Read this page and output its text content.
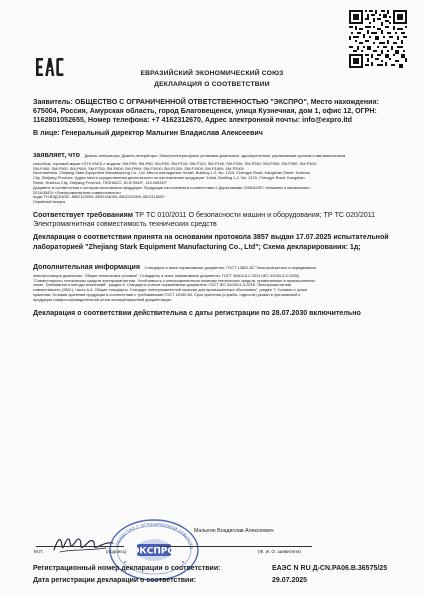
ЕВРАЗИЙСКИЙ ЭКОНОМИЧЕСКИЙ СОЮЗ
ДЕКЛАРАЦИЯ О СООТВЕТСТВИИ

Заявитель: ОБЩЕСТВО С ОГРАНИЧЕННОЙ ОТВЕТСТВЕННОСТЬЮ "ЭКСПРО", Место нахождения: 675004, Россия, Амурская область, город Благовещенск, улица Кузнечная, дом 1, офис 12, ОГРН: 1162801052655, Номер телефона: +7 4162312670, Адрес электронной почты: info@expro.ltd

В лице: Генеральный директор Малыгин Владислав Алексеевич

заявляет, что Дизель-генераторы, Дизель-генераторы: Электрогенераторные установки дизельные, одноагрегатные, управляемые ручным и автоматическим
способом, торговой марки «STK EMOL» модели: SM-P50; SM-P60; SM-P80; SM-P100; SM-P120; SM-P150; SM-P200; SM-P250; SM-P300; SM-P350; SM-P400;
SM-P450; SM-P500; SM-P600; SM-P700; SM-P800; SM-P900; SM-P1000; SM-P1200; SM-P1500; SM-P1800; SM-P2000
Изготовитель: Zhejiang Stark Equipment Manufacturing Co., Ltd. Место нахождения: Китай, Building 1-2, No. 1219, Chengye Road, Kangshan Street, Huizhou
City, Zhejiang Province. Адрес места осуществления деятельности по изготовлению продукции: Xuhai, Building 1-2, No. 1219, Chengye Road, Kangshan
Street, Huizhou City, Zhejiang Province, ГЛОНАСС: 30.574549°, 119.949319°
Документ, в соответствии с которым изготовлена продукция: Продукция изготовлена в соответствии с Директивами 2006/42/ЕС «Машины и механизмы»,
2014/30/ЕU «Электромагнитная совместимость»
Коды ТН ВЭД ЕАЭС: 8502120000; 8502134000; 8502120000; 8502118000
Серийный выпуск

Соответствует требованиям ТР ТС 010/2011 О безопасности машин и оборудования; ТР ТС 020/2011 Электромагнитная совместимость технических средств

Декларация о соответствии принята на основании протокола 3857 выдан 17.07.2025 испытательной лабораторией "Zhejiang Stark Equipment Manufacturing Co., Ltd"; Схема декларирования: 1д;

Дополнительная информация Стандарты и иные нормативные документы: ГОСТ 13822-82 "Электроагрегаты и передвижные
электростанции дизельные. Общие технические условия"; Стандарты и иные нормативные документы: ГОСТ 30804.6.2-2013 (IEC 61000-6-2:2005)
"Совместимость технических средств электромагнитная. Устойчивость к электромагнитным помехам технических средств, применяемых в промышленных
зонах. Требования и методы испытаний", раздел 8. Стандарты и иные нормативные документы: ГОСТ IEC 61000-6-4-2016 "Электромагнитная
совместимость (ЭМС). Часть 6-4. Общие стандарты. Стандарт электромагнитной эмиссии для промышленных обстановок", раздел 7; Условия и сроки
хранения: Условия хранения продукции в соответствии с требованиями ГОСТ 15150-69. Срок хранения (службы, годности) указан в прилагаемой к
продукции товаросопроводительной и/или эксплуатационной документации.

Декларация о соответствии действительна с даты регистрации по 28.07.2030 включительно

ЭКСПРО
ОБЩЕСТВО С ОГРАНИЧЕННОЙ ОТВЕТСТВ
Малыгин Владислав Алексеевич
М.П.	(подпись)	(Ф. И. О. заявителя)
Регистрационный номер декларации о соответствии:	ЕАЭС N RU Д-CN.PA06.B.36575/25
Дата регистрации декларации о соответствии:	29.07.2025
